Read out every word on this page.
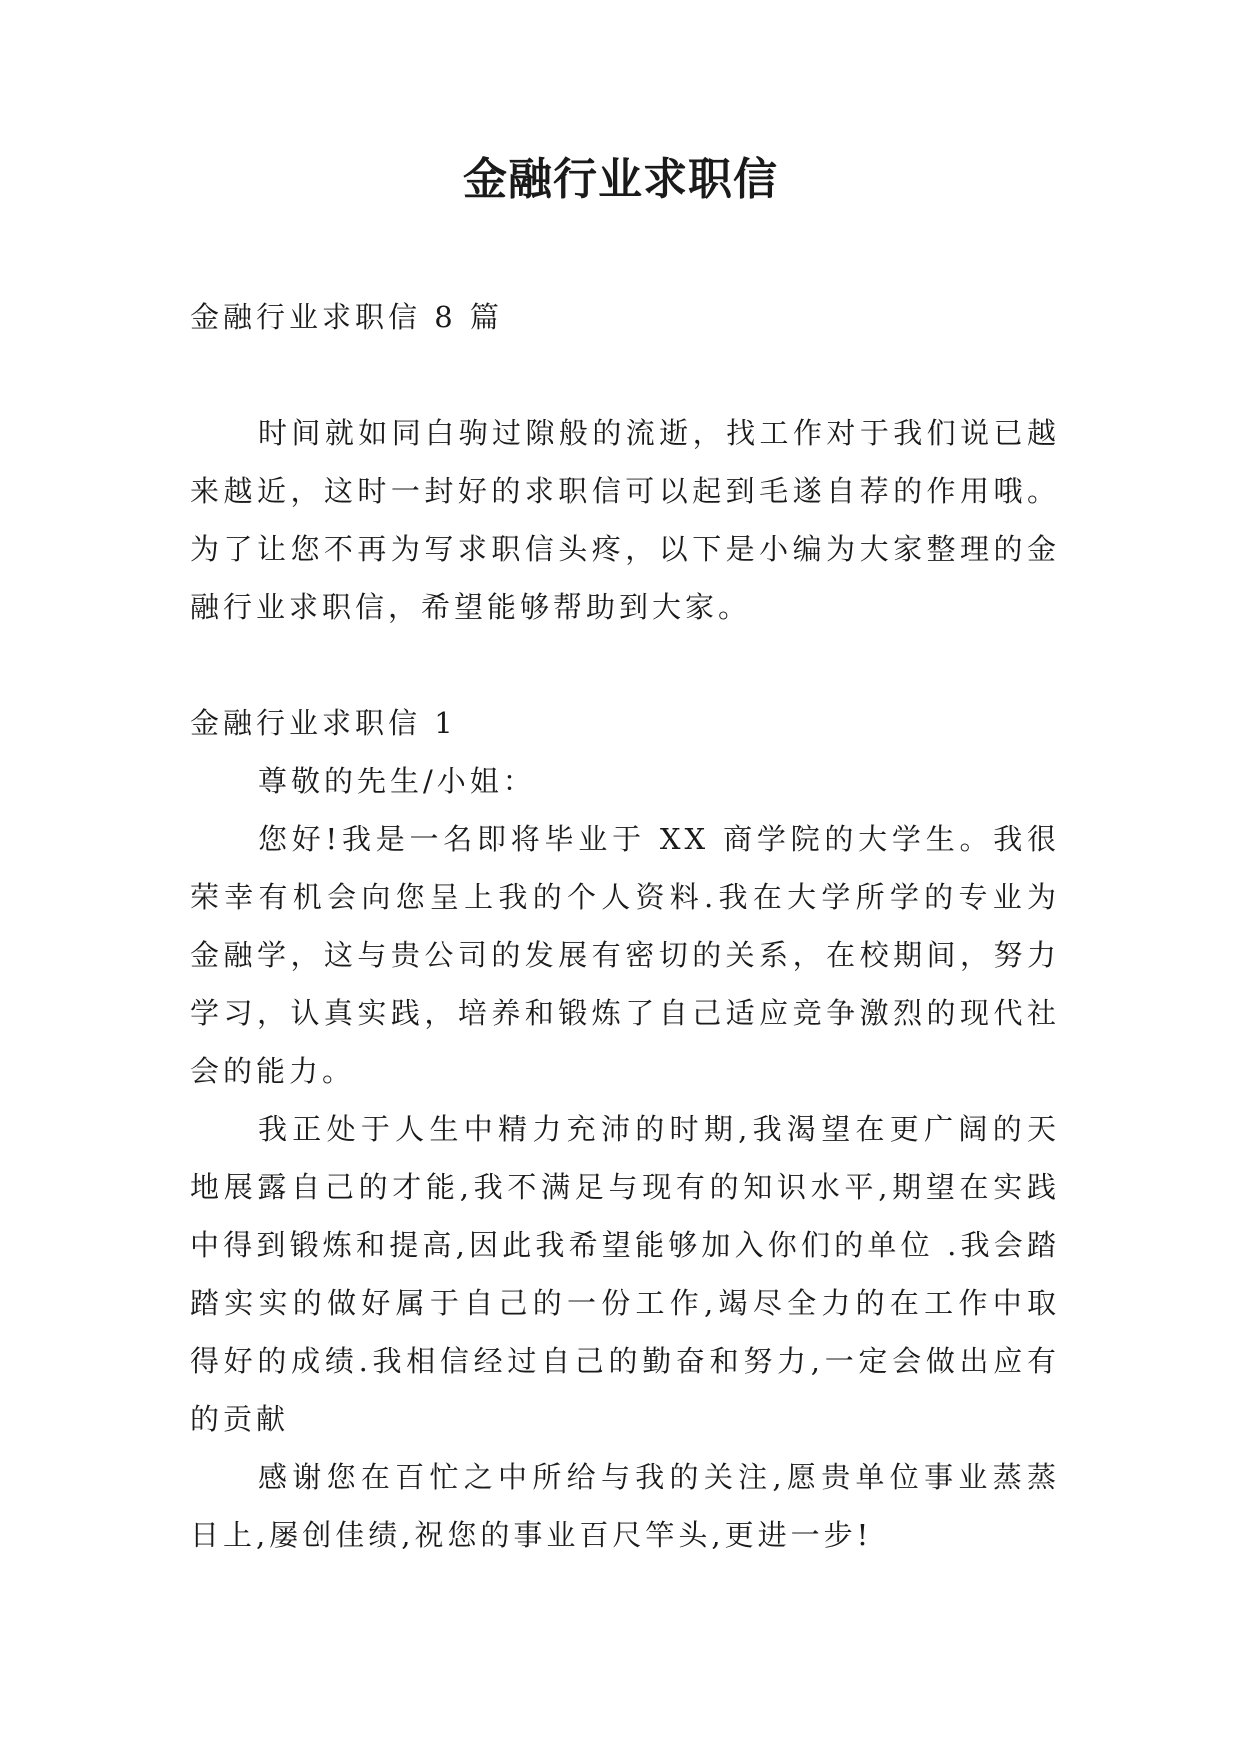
金融行业求职信

金融行业求职信 8 篇

时间就如同白驹过隙般的流逝，找工作对于我们说已越来越近，这时一封好的求职信可以起到毛遂自荐的作用哦。为了让您不再为写求职信头疼，以下是小编为大家整理的金融行业求职信，希望能够帮助到大家。

金融行业求职信 1

尊敬的先生/小姐：

您好!我是一名即将毕业于 XX 商学院的大学生。我很荣幸有机会向您呈上我的个人资料.我在大学所学的专业为金融学，这与贵公司的发展有密切的关系，在校期间，努力学习，认真实践，培养和锻炼了自己适应竞争激烈的现代社会的能力。

我正处于人生中精力充沛的时期,我渴望在更广阔的天地展露自己的才能,我不满足与现有的知识水平,期望在实践中得到锻炼和提高,因此我希望能够加入你们的单位 .我会踏踏实实的做好属于自己的一份工作,竭尽全力的在工作中取得好的成绩.我相信经过自己的勤奋和努力,一定会做出应有的贡献

感谢您在百忙之中所给与我的关注,愿贵单位事业蒸蒸日上,屡创佳绩,祝您的事业百尺竿头,更进一步!
